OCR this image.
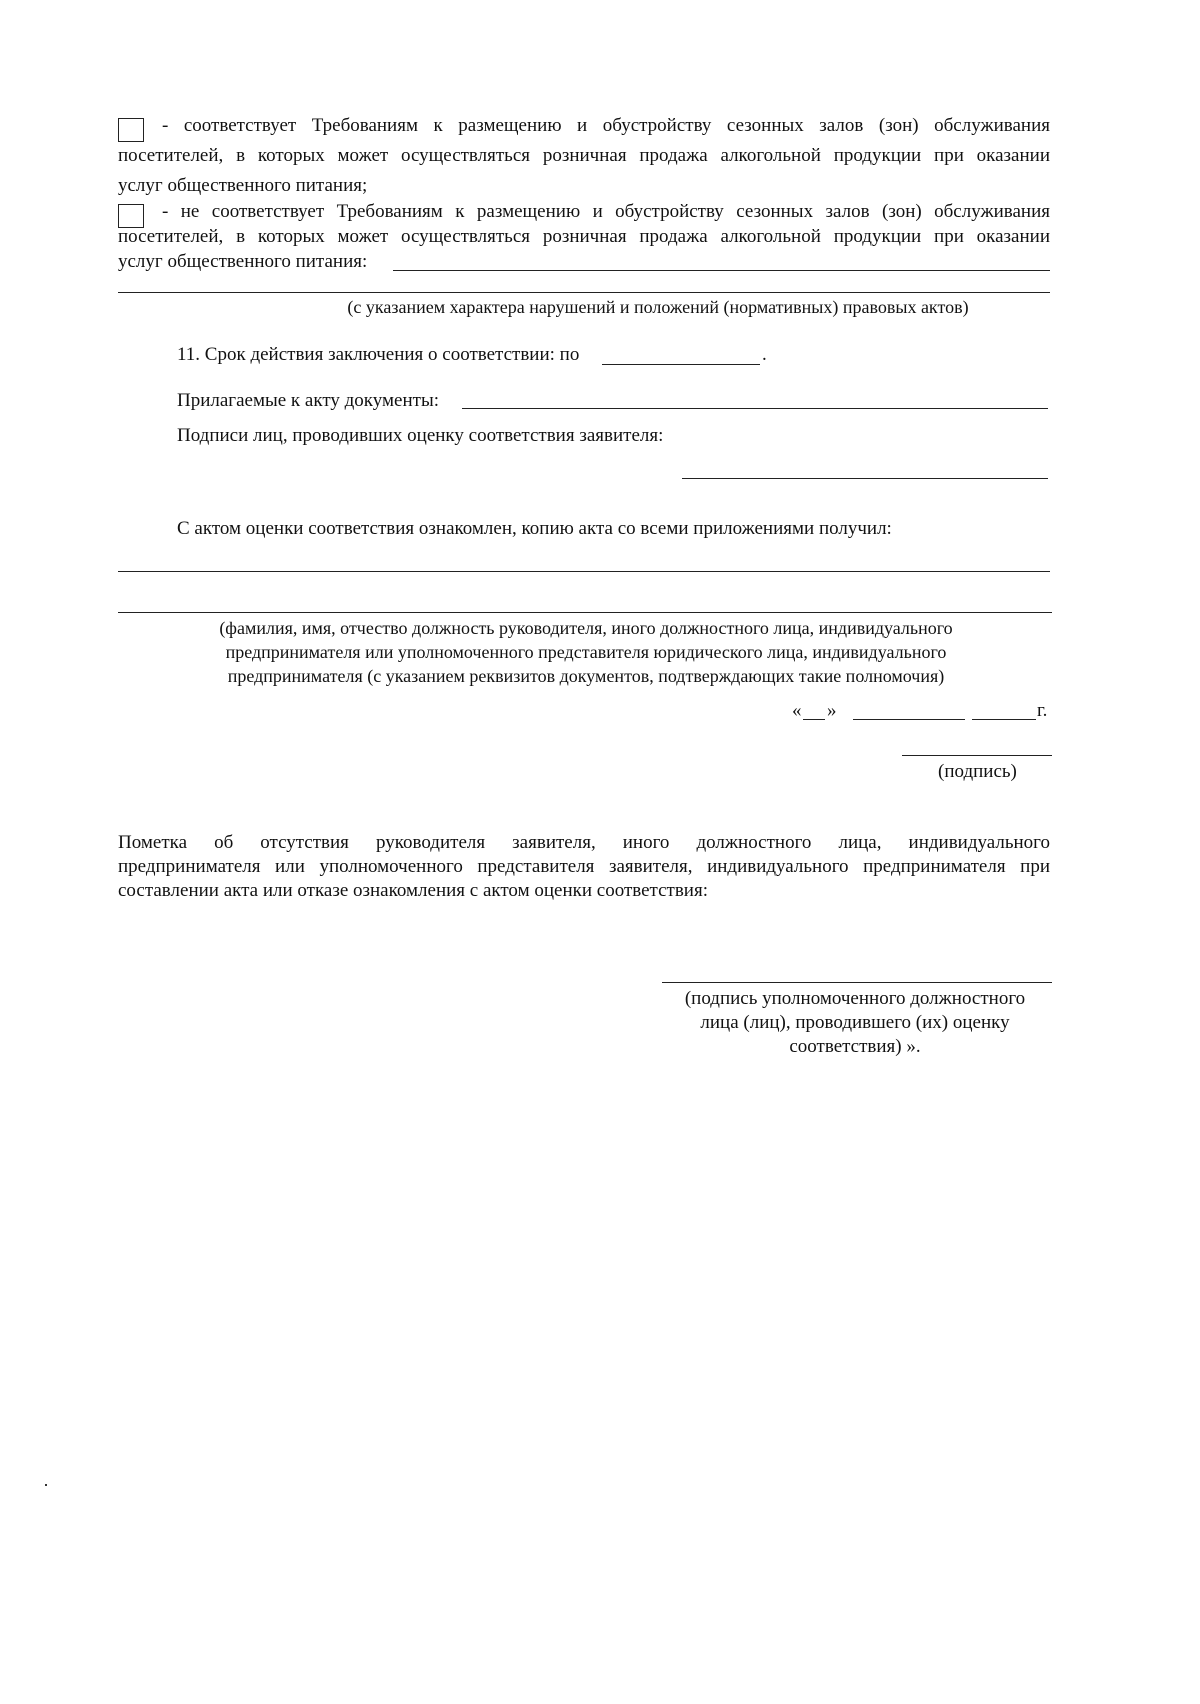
- соответствует Требованиям к размещению и обустройству сезонных залов (зон) обслуживания
посетителей, в которых может осуществляться розничная продажа алкогольной продукции при оказании
услуг общественного питания;
- не соответствует Требованиям к размещению и обустройству сезонных залов (зон) обслуживания
посетителей, в которых может осуществляться розничная продажа алкогольной продукции при оказании
услуг общественного питания:
(с указанием характера нарушений и положений (нормативных) правовых актов)
11. Срок действия заключения о соответствии: по	.
Прилагаемые к акту документы:
Подписи лиц, проводивших оценку соответствия заявителя:
С актом оценки соответствия ознакомлен, копию акта со всеми приложениями получил:
(фамилия, имя, отчество должность руководителя, иного должностного лица, индивидуального
предпринимателя или уполномоченного представителя юридического лица, индивидуального
предпринимателя (с указанием реквизитов документов, подтверждающих такие полномочия)
« »	г.
(подпись)
Пометка об отсутствия руководителя заявителя, иного должностного лица, индивидуального
предпринимателя или уполномоченного представителя заявителя, индивидуального предпринимателя при
составлении акта или отказе ознакомления с актом оценки соответствия:
(подпись уполномоченного должностного
лица (лиц), проводившего (их) оценку
соответствия) ».
